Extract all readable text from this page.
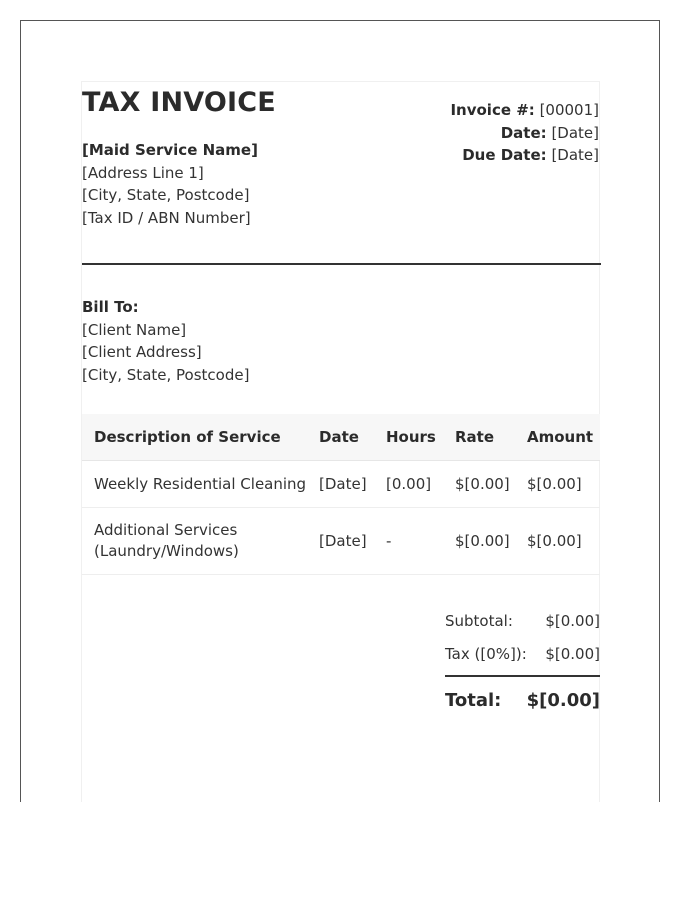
TAX INVOICE
[Maid Service Name]
[Address Line 1]
[City, State, Postcode]
[Tax ID / ABN Number]
Invoice #: [00001]
Date: [Date]
Due Date: [Date]
Bill To:
[Client Name]
[Client Address]
[City, State, Postcode]
Description of Service	Date	Hours	Rate	Amount
Weekly Residential Cleaning	[Date]	[0.00]	$[0.00]	$[0.00]
Additional Services (Laundry/Windows)	[Date]	-	$[0.00]	$[0.00]
Subtotal: $[0.00]
Tax ([0%]): $[0.00]
Total: $[0.00]
